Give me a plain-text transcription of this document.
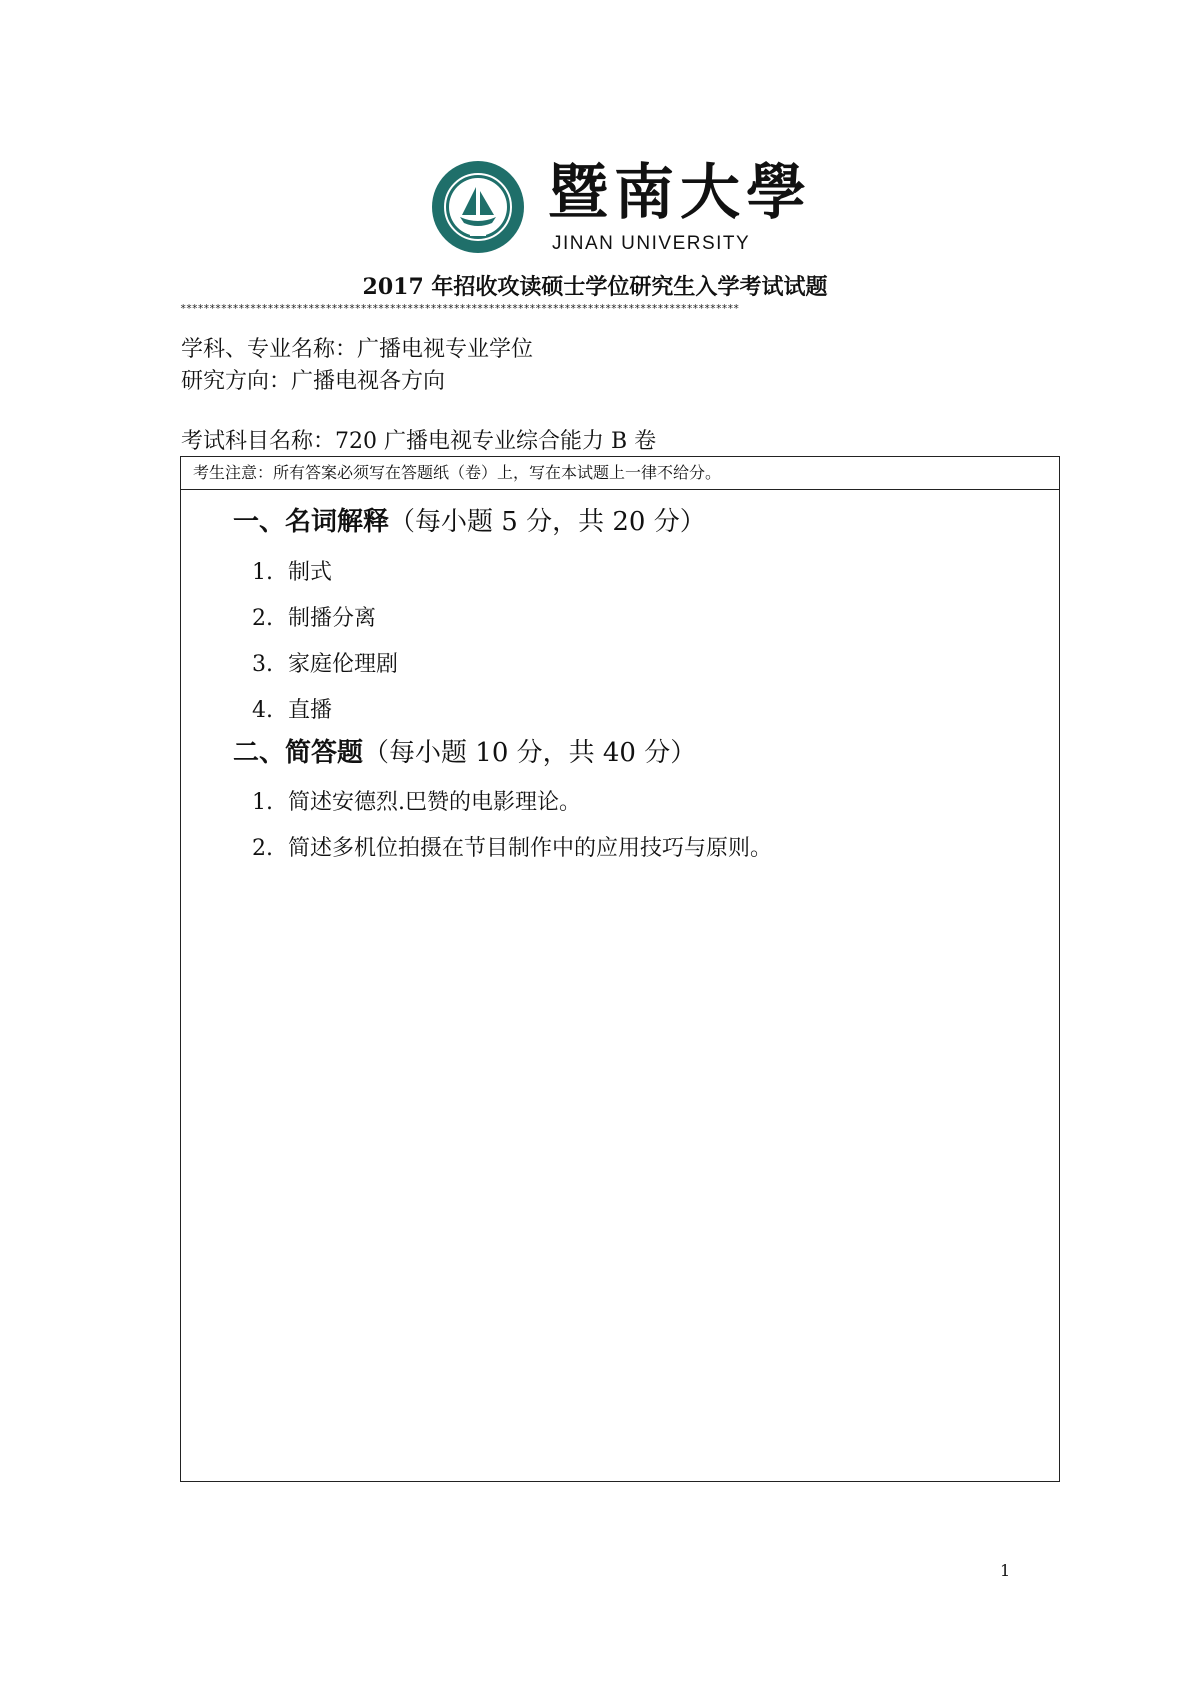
暨南大學
JINAN UNIVERSITY
2017 年招收攻读硕士学位研究生入学考试试题
************************************************************************************************
学科、专业名称：广播电视专业学位
研究方向：广播电视各方向
考试科目名称：720 广播电视专业综合能力 B 卷
考生注意：所有答案必须写在答题纸（卷）上，写在本试题上一律不给分。
一、名词解释（每小题 5 分，共 20 分）
1. 制式
2. 制播分离
3. 家庭伦理剧
4. 直播
二、简答题（每小题 10 分，共 40 分）
1. 简述安德烈.巴赞的电影理论。
2. 简述多机位拍摄在节目制作中的应用技巧与原则。
1
